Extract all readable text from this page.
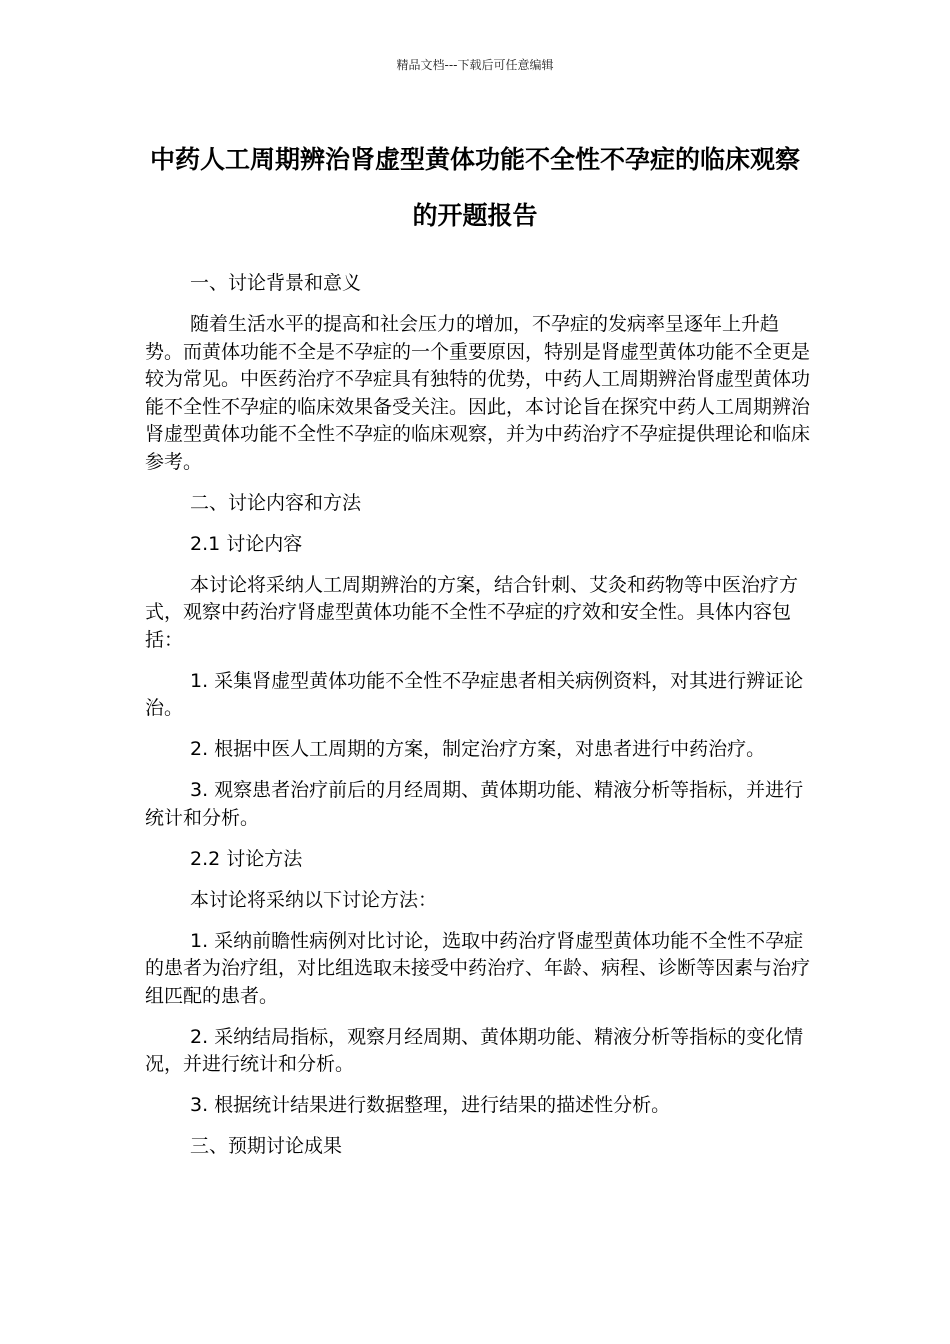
精品文档---下载后可任意编辑
中药人工周期辨治肾虚型黄体功能不全性不孕症的临床观察的开题报告

一、讨论背景和意义

随着生活水平的提高和社会压力的增加，不孕症的发病率呈逐年上升趋势。而黄体功能不全是不孕症的一个重要原因，特别是肾虚型黄体功能不全更是较为常见。中医药治疗不孕症具有独特的优势，中药人工周期辨治肾虚型黄体功能不全性不孕症的临床效果备受关注。因此，本讨论旨在探究中药人工周期辨治肾虚型黄体功能不全性不孕症的临床观察，并为中药治疗不孕症提供理论和临床参考。

二、讨论内容和方法

2.1 讨论内容

本讨论将采纳人工周期辨治的方案，结合针刺、艾灸和药物等中医治疗方式，观察中药治疗肾虚型黄体功能不全性不孕症的疗效和安全性。具体内容包括：

1. 采集肾虚型黄体功能不全性不孕症患者相关病例资料，对其进行辨证论治。

2. 根据中医人工周期的方案，制定治疗方案，对患者进行中药治疗。

3. 观察患者治疗前后的月经周期、黄体期功能、精液分析等指标，并进行统计和分析。

2.2 讨论方法

本讨论将采纳以下讨论方法：

1. 采纳前瞻性病例对比讨论，选取中药治疗肾虚型黄体功能不全性不孕症的患者为治疗组，对比组选取未接受中药治疗、年龄、病程、诊断等因素与治疗组匹配的患者。

2. 采纳结局指标，观察月经周期、黄体期功能、精液分析等指标的变化情况，并进行统计和分析。

3. 根据统计结果进行数据整理，进行结果的描述性分析。

三、预期讨论成果
